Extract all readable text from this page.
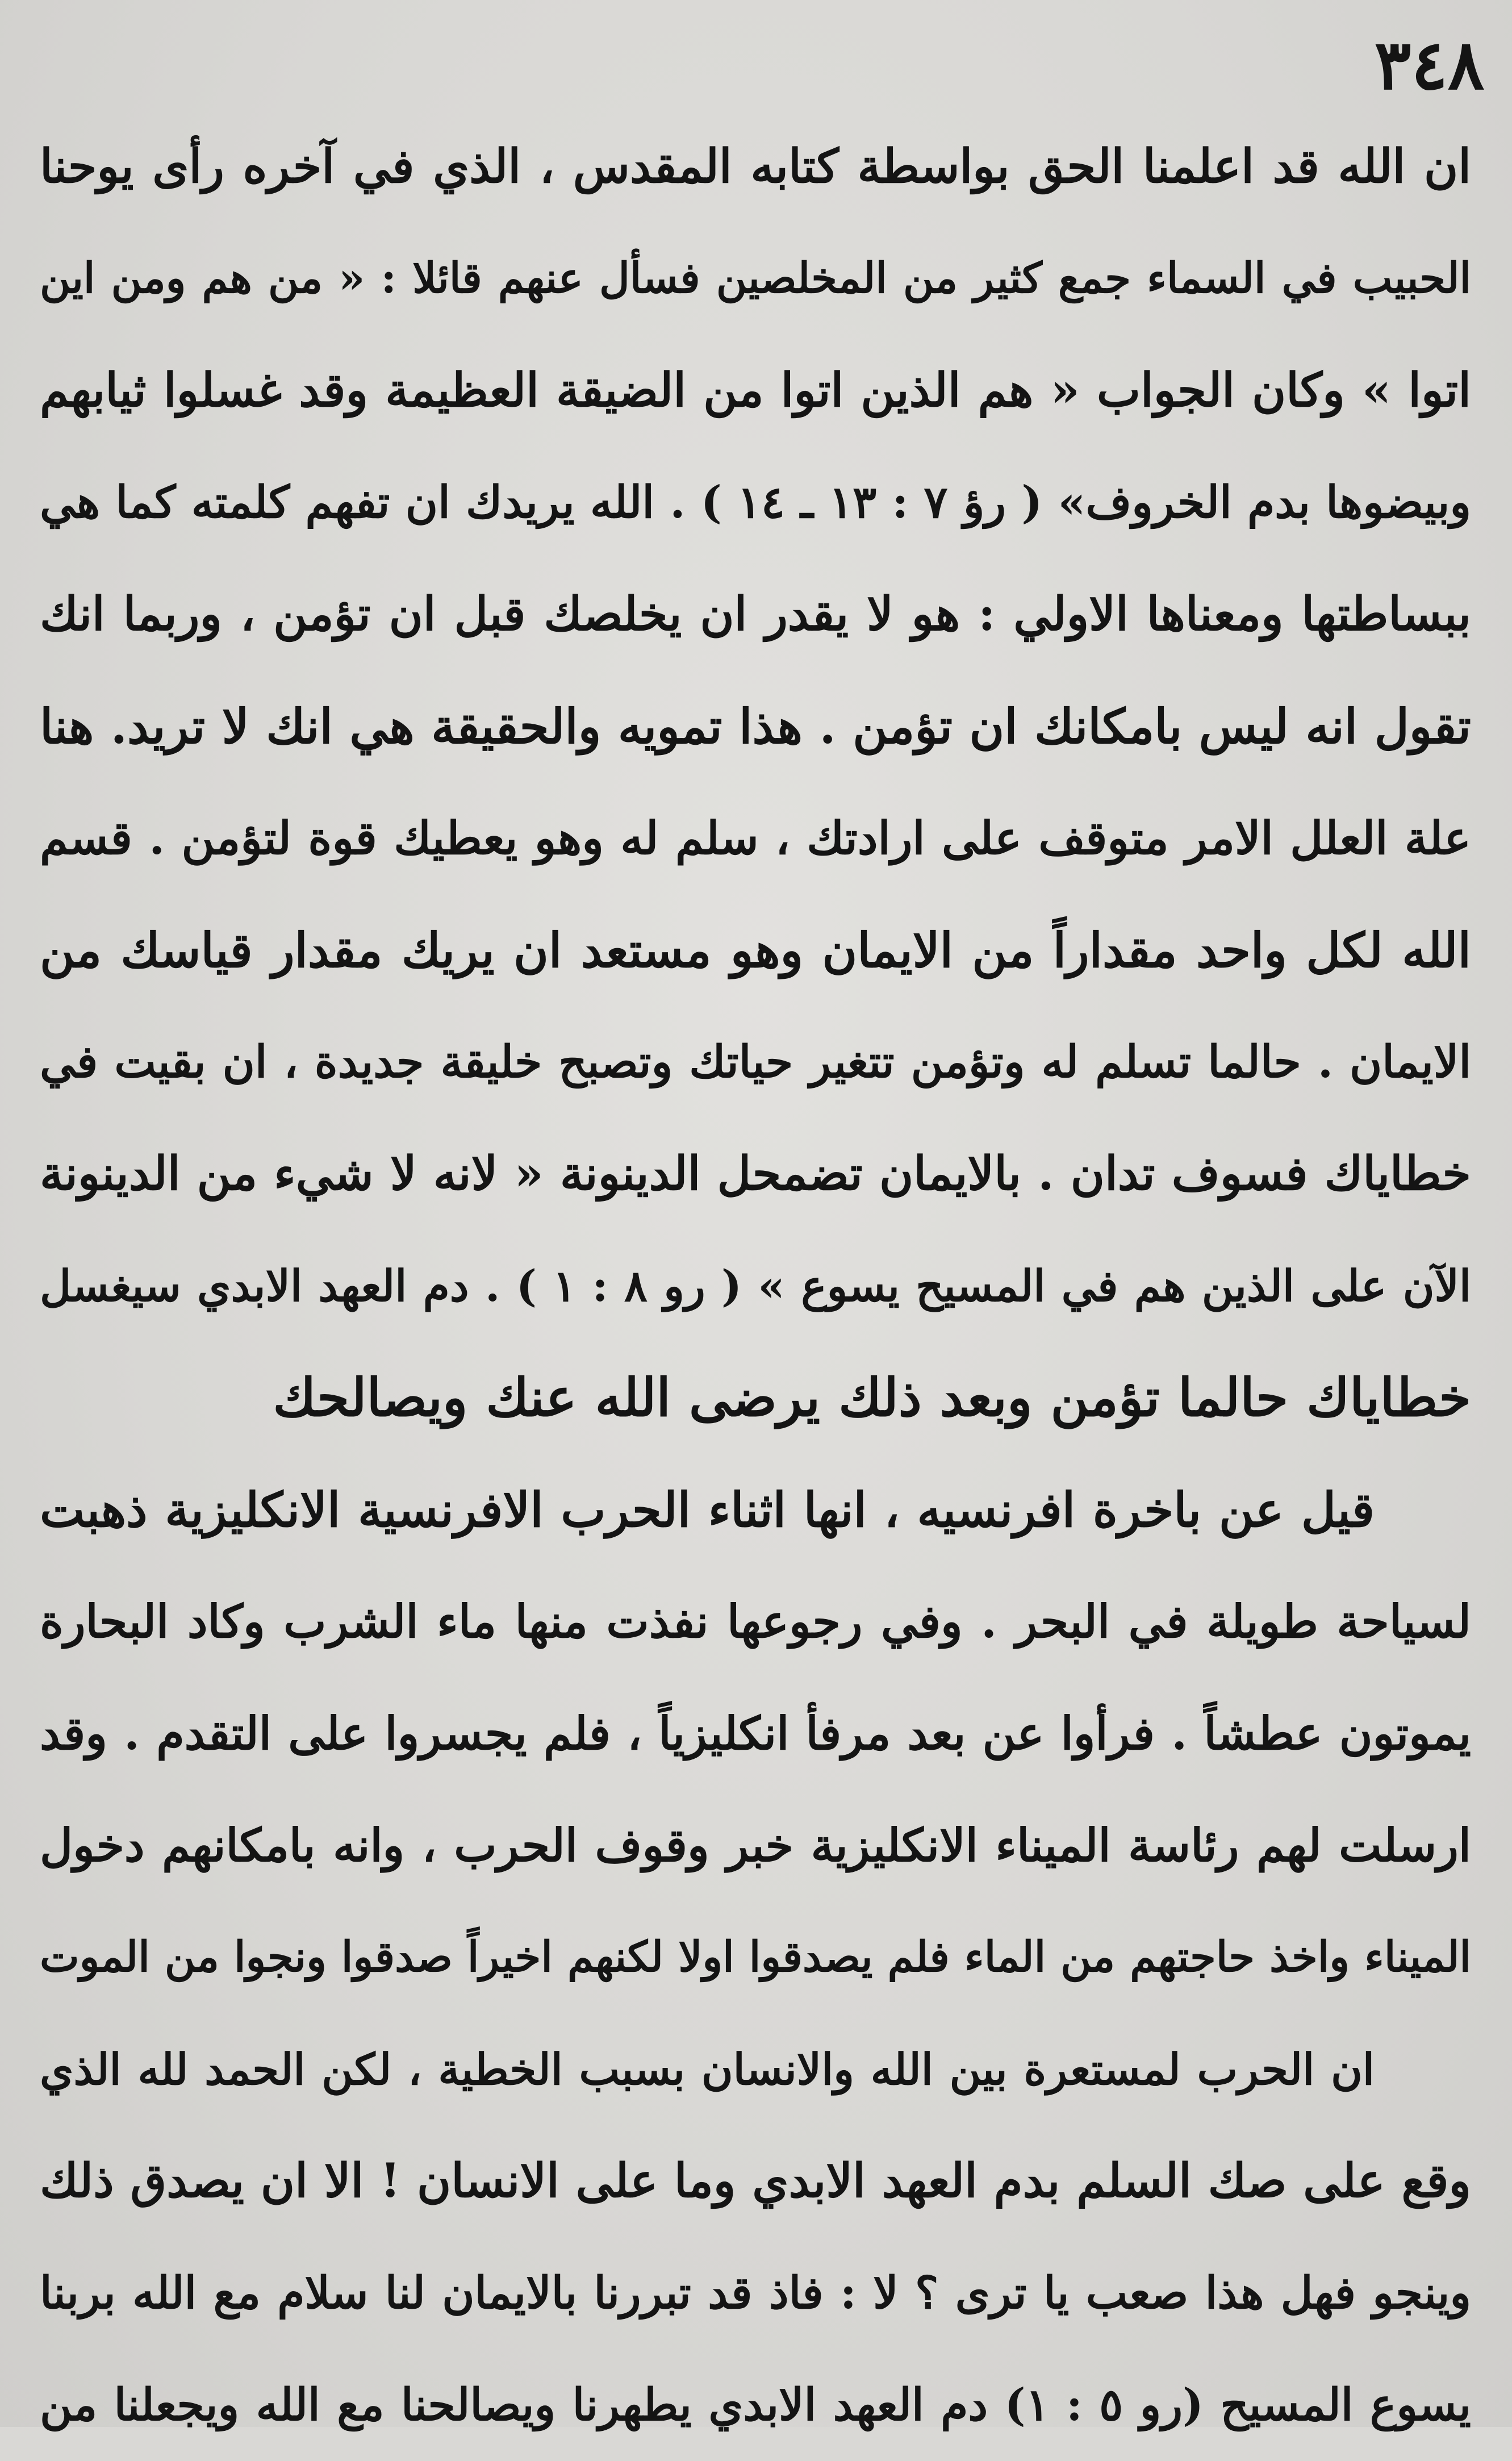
٣٤٨
ان الله قد اعلمنا الحق بواسطة كتابه المقدس ، الذي في آخره رأى يوحنا
الحبيب في السماء جمع كثير من المخلصين فسأل عنهم قائلا : « من هم ومن اين
اتوا » وكان الجواب « هم الذين اتوا من الضيقة العظيمة وقد غسلوا ثيابهم
وبيضوها بدم الخروف» ( رؤ ٧ : ١٣ ـ ١٤ ) . الله يريدك ان تفهم كلمته كما هي
ببساطتها ومعناها الاولي : هو لا يقدر ان يخلصك قبل ان تؤمن ، وربما انك
تقول انه ليس بامكانك ان تؤمن . هذا تمويه والحقيقة هي انك لا تريد. هنا
علة العلل الامر متوقف على ارادتك ، سلم له وهو يعطيك قوة لتؤمن . قسم
الله لكل واحد مقداراً من الايمان وهو مستعد ان يريك مقدار قياسك من
الايمان . حالما تسلم له وتؤمن تتغير حياتك وتصبح خليقة جديدة ، ان بقيت في
خطاياك فسوف تدان . بالايمان تضمحل الدينونة « لانه لا شيء من الدينونة
الآن على الذين هم في المسيح يسوع » ( رو ٨ : ١ ) . دم العهد الابدي سيغسل
خطاياك حالما تؤمن وبعد ذلك يرضى الله عنك ويصالحك
قيل عن باخرة افرنسيه ، انها اثناء الحرب الافرنسية الانكليزية ذهبت
لسياحة طويلة في البحر . وفي رجوعها نفذت منها ماء الشرب وكاد البحارة
يموتون عطشاً . فرأوا عن بعد مرفأ انكليزياً ، فلم يجسروا على التقدم . وقد
ارسلت لهم رئاسة الميناء الانكليزية خبر وقوف الحرب ، وانه بامكانهم دخول
الميناء واخذ حاجتهم من الماء فلم يصدقوا اولا لكنهم اخيراً صدقوا ونجوا من الموت
ان الحرب لمستعرة بين الله والانسان بسبب الخطية ، لكن الحمد لله الذي
وقع على صك السلم بدم العهد الابدي وما على الانسان ! الا ان يصدق ذلك
وينجو فهل هذا صعب يا ترى ؟ لا : فاذ قد تبررنا بالايمان لنا سلام مع الله بربنا
يسوع المسيح (رو ٥ : ١) دم العهد الابدي يطهرنا ويصالحنا مع الله ويجعلنا من
